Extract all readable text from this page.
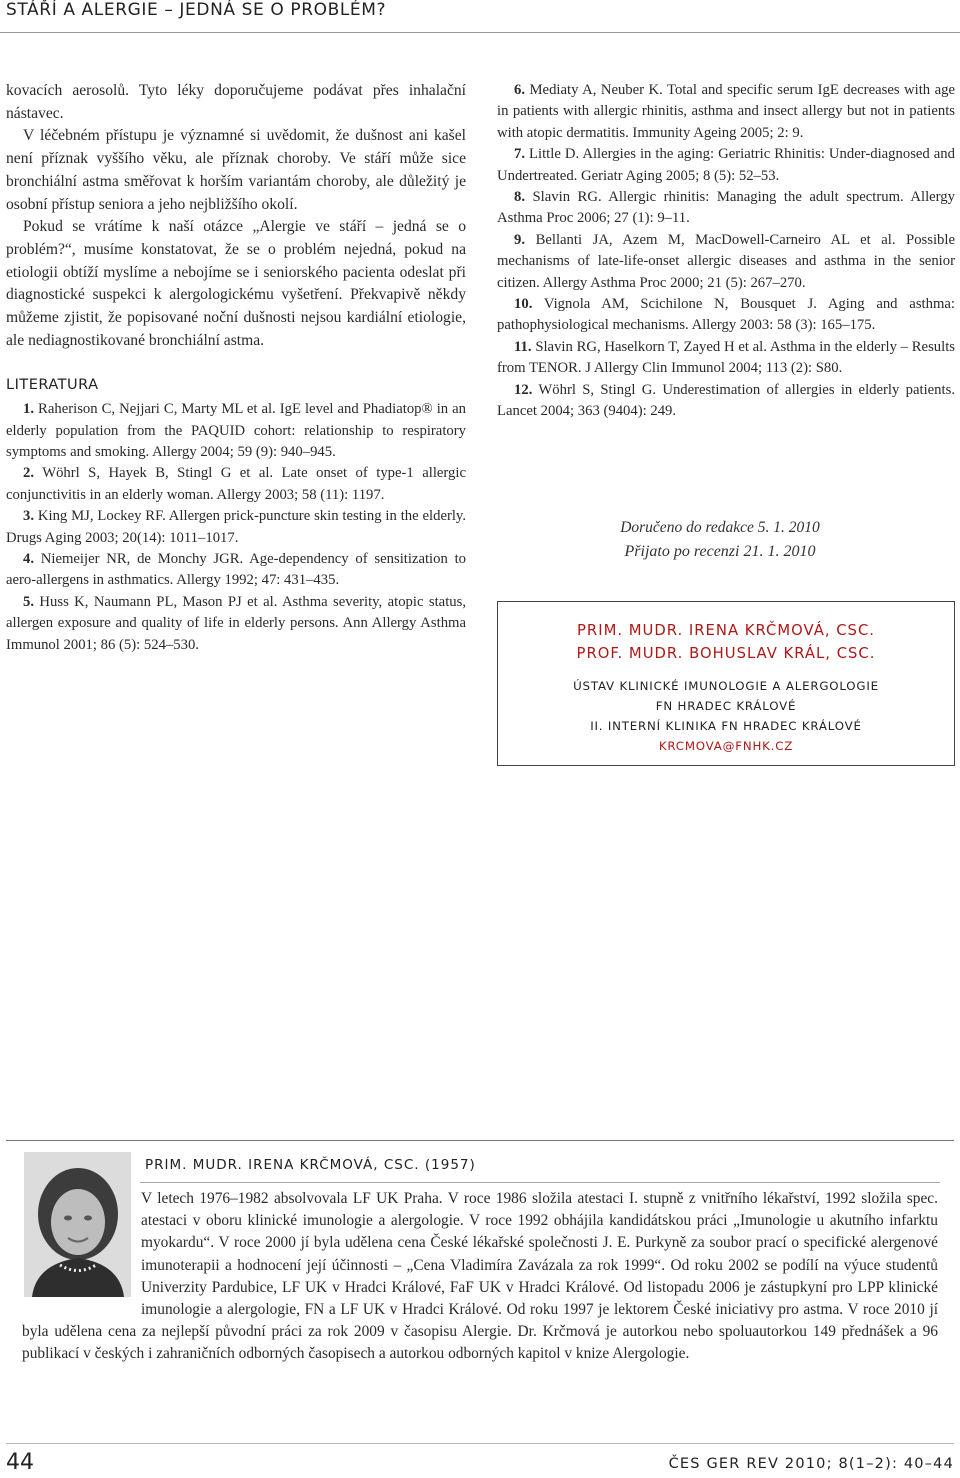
STÁŘÍ A ALERGIE – JEDNÁ SE O PROBLÉM?

kovacích aerosolů. Tyto léky doporučujeme podávat přes inhalační nástavec.

V léčebném přístupu je významné si uvědomit, že dušnost ani kašel není příznak vyššího věku, ale příznak choroby. Ve stáří může sice bronchiální astma směřovat k horším variantám choroby, ale důležitý je osobní přístup seniora a jeho nejbližšího okolí.

Pokud se vrátíme k naší otázce „Alergie ve stáří – jedná se o problém?“, musíme konstatovat, že se o problém nejedná, pokud na etiologii obtíží myslíme a nebojíme se i seniorského pacienta odeslat při diagnostické suspekci k alergologickému vyšetření. Překvapivě někdy můžeme zjistit, že popisované noční dušnosti nejsou kardiální etiologie, ale nediagnostikované bronchiální astma.

LITERATURA

1. Raherison C, Nejjari C, Marty ML et al. IgE level and Phadiatop® in an elderly population from the PAQUID cohort: relationship to respiratory symptoms and smoking. Allergy 2004; 59 (9): 940–945.

2. Wöhrl S, Hayek B, Stingl G et al. Late onset of type-1 allergic conjunctivitis in an elderly woman. Allergy 2003; 58 (11): 1197.

3. King MJ, Lockey RF. Allergen prick-puncture skin testing in the elderly. Drugs Aging 2003; 20(14): 1011–1017.

4. Niemeijer NR, de Monchy JGR. Age-dependency of sensitization to aero-allergens in asthmatics. Allergy 1992; 47: 431–435.

5. Huss K, Naumann PL, Mason PJ et al. Asthma severity, atopic status, allergen exposure and quality of life in elderly persons. Ann Allergy Asthma Immunol 2001; 86 (5): 524–530.

6. Mediaty A, Neuber K. Total and specific serum IgE decreases with age in patients with allergic rhinitis, asthma and insect allergy but not in patients with atopic dermatitis. Immunity Ageing 2005; 2: 9.

7. Little D. Allergies in the aging: Geriatric Rhinitis: Under-diagnosed and Undertreated. Geriatr Aging 2005; 8 (5): 52–53.

8. Slavin RG. Allergic rhinitis: Managing the adult spectrum. Allergy Asthma Proc 2006; 27 (1): 9–11.

9. Bellanti JA, Azem M, MacDowell-Carneiro AL et al. Possible mechanisms of late-life-onset allergic diseases and asthma in the senior citizen. Allergy Asthma Proc 2000; 21 (5): 267–270.

10. Vignola AM, Scichilone N, Bousquet J. Aging and asthma: pathophysiological mechanisms. Allergy 2003: 58 (3): 165–175.

11. Slavin RG, Haselkorn T, Zayed H et al. Asthma in the elderly – Results from TENOR. J Allergy Clin Immunol 2004; 113 (2): S80.

12. Wöhrl S, Stingl G. Underestimation of allergies in elderly patients. Lancet 2004; 363 (9404): 249.

Doručeno do redakce 5. 1. 2010
Přijato po recenzi 21. 1. 2010
PRIM. MUDR. IRENA KRČMOVÁ, CSC.
PROF. MUDR. BOHUSLAV KRÁL, CSC.
ÚSTAV KLINICKÉ IMUNOLOGIE A ALERGOLOGIE
FN HRADEC KRÁLOVÉ
II. INTERNÍ KLINIKA FN HRADEC KRÁLOVÉ
KRCMOVA@FNHK.CZ
PRIM. MUDR. IRENA KRČMOVÁ, CSC. (1957)
V letech 1976–1982 absolvovala LF UK Praha. V roce 1986 složila atestaci I. stupně z vnitřního lékařství, 1992 složila spec. atestaci v oboru klinické imunologie a alergologie. V roce 1992 obhájila kandidátskou práci „Imunologie u akutního infarktu myokardu“. V roce 2000 jí byla udělena cena České lékařské společnosti J. E. Purkyně za soubor prací o specifické alergenové imunoterapii a hodnocení její účinnosti – „Cena Vladimíra Zavázala za rok 1999“. Od roku 2002 se podílí na výuce studentů Univerzity Pardubice, LF UK v Hradci Králové, FaF UK v Hradci Králové. Od listopadu 2006 je zástupkyní pro LPP klinické imunologie a alergologie, FN a LF UK v Hradci Králové. Od roku 1997 je lektorem České iniciativy pro astma. V roce 2010 jí byla udělena cena za nejlepší původní práci za rok 2009 v časopisu Alergie. Dr. Krčmová je autorkou nebo spoluautorkou 149 přednášek a 96 publikací v českých i zahraničních odborných časopisech a autorkou odborných kapitol v knize Alergologie.
44	ČES GER REV 2010; 8(1–2): 40–44
